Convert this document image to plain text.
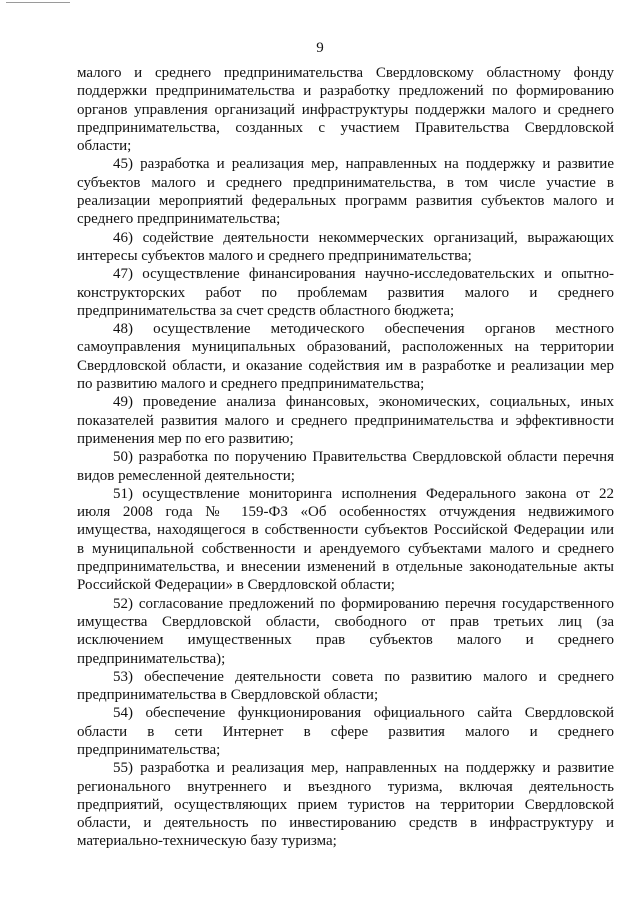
9
малого и среднего предпринимательства Свердловскому областному фонду
поддержки предпринимательства и разработку предложений по формированию
органов управления организаций инфраструктуры поддержки малого и среднего
предпринимательства, созданных с участием Правительства Свердловской
области;
45) разработка и реализация мер, направленных на поддержку и развитие
субъектов малого и среднего предпринимательства, в том числе участие в
реализации мероприятий федеральных программ развития субъектов малого и
среднего предпринимательства;
46) содействие деятельности некоммерческих организаций, выражающих
интересы субъектов малого и среднего предпринимательства;
47) осуществление финансирования научно-исследовательских и опытно-
конструкторских работ по проблемам развития малого и среднего
предпринимательства за счет средств областного бюджета;
48) осуществление методического обеспечения органов местного
самоуправления муниципальных образований, расположенных на территории
Свердловской области, и оказание содействия им в разработке и реализации мер
по развитию малого и среднего предпринимательства;
49) проведение анализа финансовых, экономических, социальных, иных
показателей развития малого и среднего предпринимательства и эффективности
применения мер по его развитию;
50) разработка по поручению Правительства Свердловской области перечня
видов ремесленной деятельности;
51) осуществление мониторинга исполнения Федерального закона от 22
июля 2008 года № 159-ФЗ «Об особенностях отчуждения недвижимого
имущества, находящегося в собственности субъектов Российской Федерации или
в муниципальной собственности и арендуемого субъектами малого и среднего
предпринимательства, и внесении изменений в отдельные законодательные акты
Российской Федерации» в Свердловской области;
52) согласование предложений по формированию перечня государственного
имущества Свердловской области, свободного от прав третьих лиц (за
исключением имущественных прав субъектов малого и среднего
предпринимательства);
53) обеспечение деятельности совета по развитию малого и среднего
предпринимательства в Свердловской области;
54) обеспечение функционирования официального сайта Свердловской
области в сети Интернет в сфере развития малого и среднего
предпринимательства;
55) разработка и реализация мер, направленных на поддержку и развитие
регионального внутреннего и въездного туризма, включая деятельность
предприятий, осуществляющих прием туристов на территории Свердловской
области, и деятельность по инвестированию средств в инфраструктуру и
материально-техническую базу туризма;
